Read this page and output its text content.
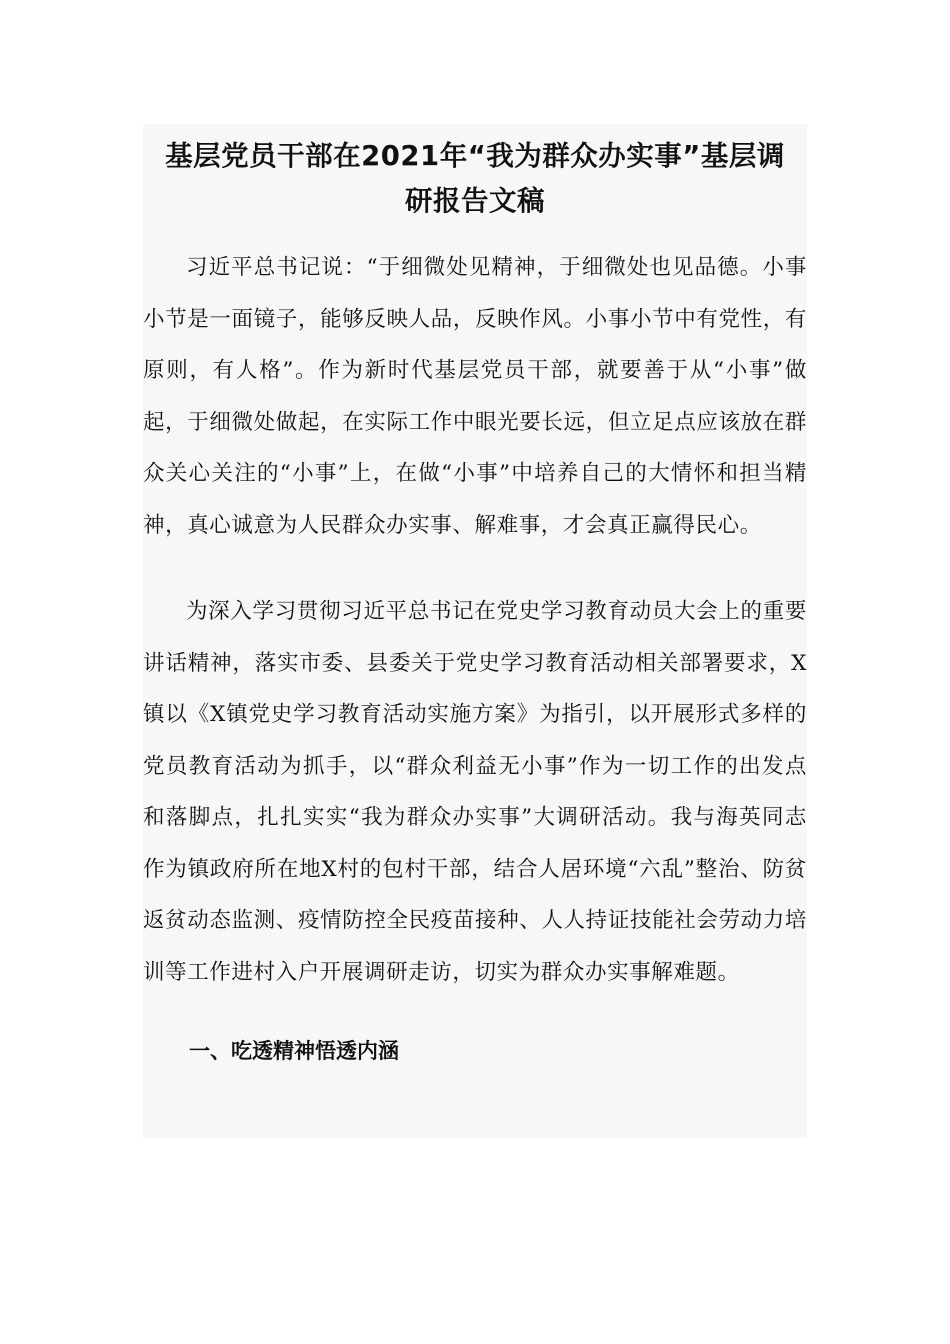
基层党员干部在2021年“我为群众办实事”基层调
研报告文稿

习近平总书记说：“于细微处见精神，于细微处也见品德。小事小节是一面镜子，能够反映人品，反映作风。小事小节中有党性，有原则，有人格”。作为新时代基层党员干部，就要善于从“小事”做起，于细微处做起，在实际工作中眼光要长远，但立足点应该放在群众关心关注的“小事”上，在做“小事”中培养自己的大情怀和担当精神，真心诚意为人民群众办实事、解难事，才会真正赢得民心。

为深入学习贯彻习近平总书记在党史学习教育动员大会上的重要讲话精神，落实市委、县委关于党史学习教育活动相关部署要求，X镇以《X镇党史学习教育活动实施方案》为指引，以开展形式多样的党员教育活动为抓手，以“群众利益无小事”作为一切工作的出发点和落脚点，扎扎实实“我为群众办实事”大调研活动。我与海英同志作为镇政府所在地X村的包村干部，结合人居环境“六乱”整治、防贫返贫动态监测、疫情防控全民疫苗接种、人人持证技能社会劳动力培训等工作进村入户开展调研走访，切实为群众办实事解难题。

一、吃透精神悟透内涵
